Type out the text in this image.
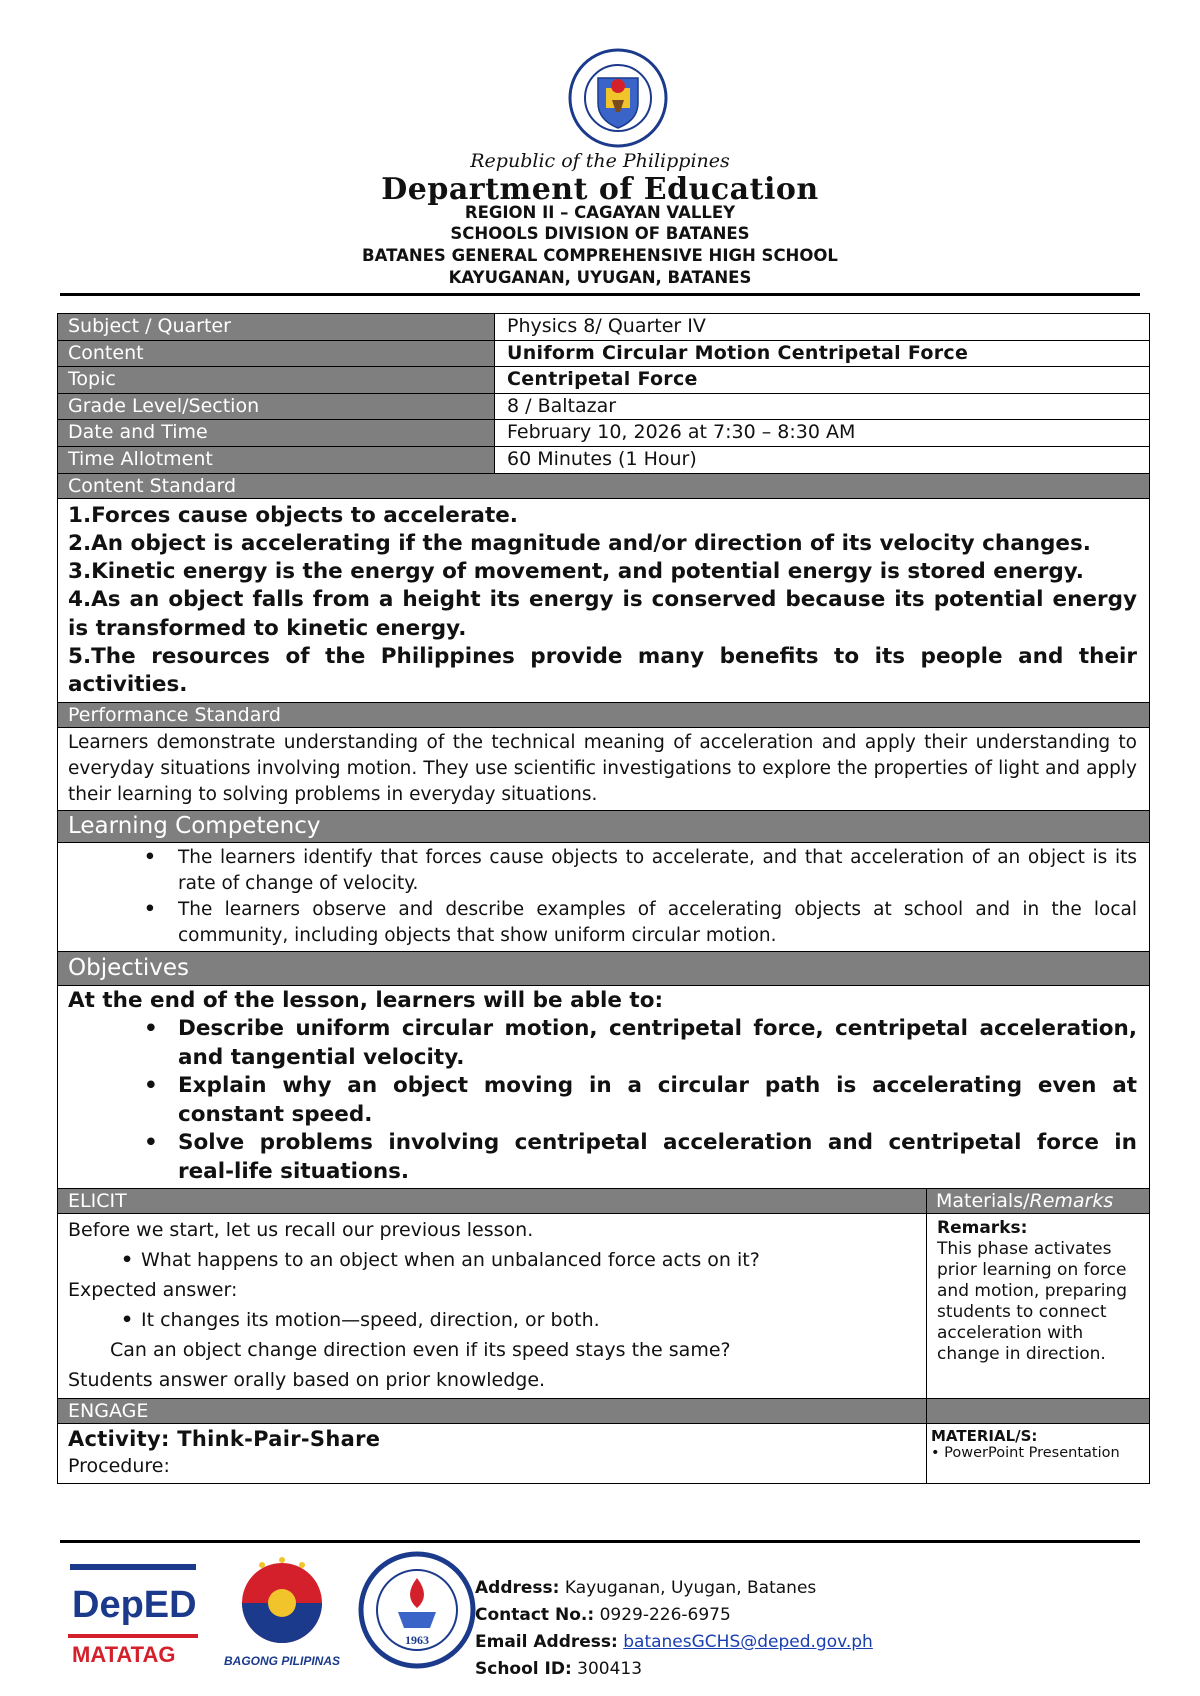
Republic of the Philippines
Department of Education
REGION II – CAGAYAN VALLEY
SCHOOLS DIVISION OF BATANES
BATANES GENERAL COMPREHENSIVE HIGH SCHOOL
KAYUGANAN, UYUGAN, BATANES
Subject / Quarter	Physics 8/ Quarter IV
Content	Uniform Circular Motion Centripetal Force
Topic	Centripetal Force
Grade Level/Section	8 / Baltazar
Date and Time	February 10, 2026 at 7:30 – 8:30 AM
Time Allotment	60 Minutes (1 Hour)
Content Standard
1.Forces cause objects to accelerate.
2.An object is accelerating if the magnitude and/or direction of its velocity changes.
3.Kinetic energy is the energy of movement, and potential energy is stored energy.
4.As an object falls from a height its energy is conserved because its potential energy is transformed to kinetic energy.
5.The resources of the Philippines provide many benefits to its people and their activities.
Performance Standard
Learners demonstrate understanding of the technical meaning of acceleration and apply their understanding to everyday situations involving motion. They use scientific investigations to explore the properties of light and apply their learning to solving problems in everyday situations.
Learning Competency
• The learners identify that forces cause objects to accelerate, and that acceleration of an object is its rate of change of velocity.
• The learners observe and describe examples of accelerating objects at school and in the local community, including objects that show uniform circular motion.
Objectives
At the end of the lesson, learners will be able to:
• Describe uniform circular motion, centripetal force, centripetal acceleration, and tangential velocity.
• Explain why an object moving in a circular path is accelerating even at constant speed.
• Solve problems involving centripetal acceleration and centripetal force in real-life situations.
ELICIT	Materials/Remarks
Before we start, let us recall our previous lesson.
• What happens to an object when an unbalanced force acts on it?
Expected answer:
• It changes its motion—speed, direction, or both.
Can an object change direction even if its speed stays the same?
Students answer orally based on prior knowledge.
Remarks:
This phase activates prior learning on force and motion, preparing students to connect acceleration with change in direction.
ENGAGE
Activity: Think-Pair-Share
Procedure:
MATERIAL/S:
• PowerPoint Presentation
DepED
MATATAG	BAGONG PILIPINAS
1963
Address: Kayuganan, Uyugan, Batanes
Contact No.: 0929-226-6975
Email Address: batanesGCHS@deped.gov.ph
School ID: 300413
